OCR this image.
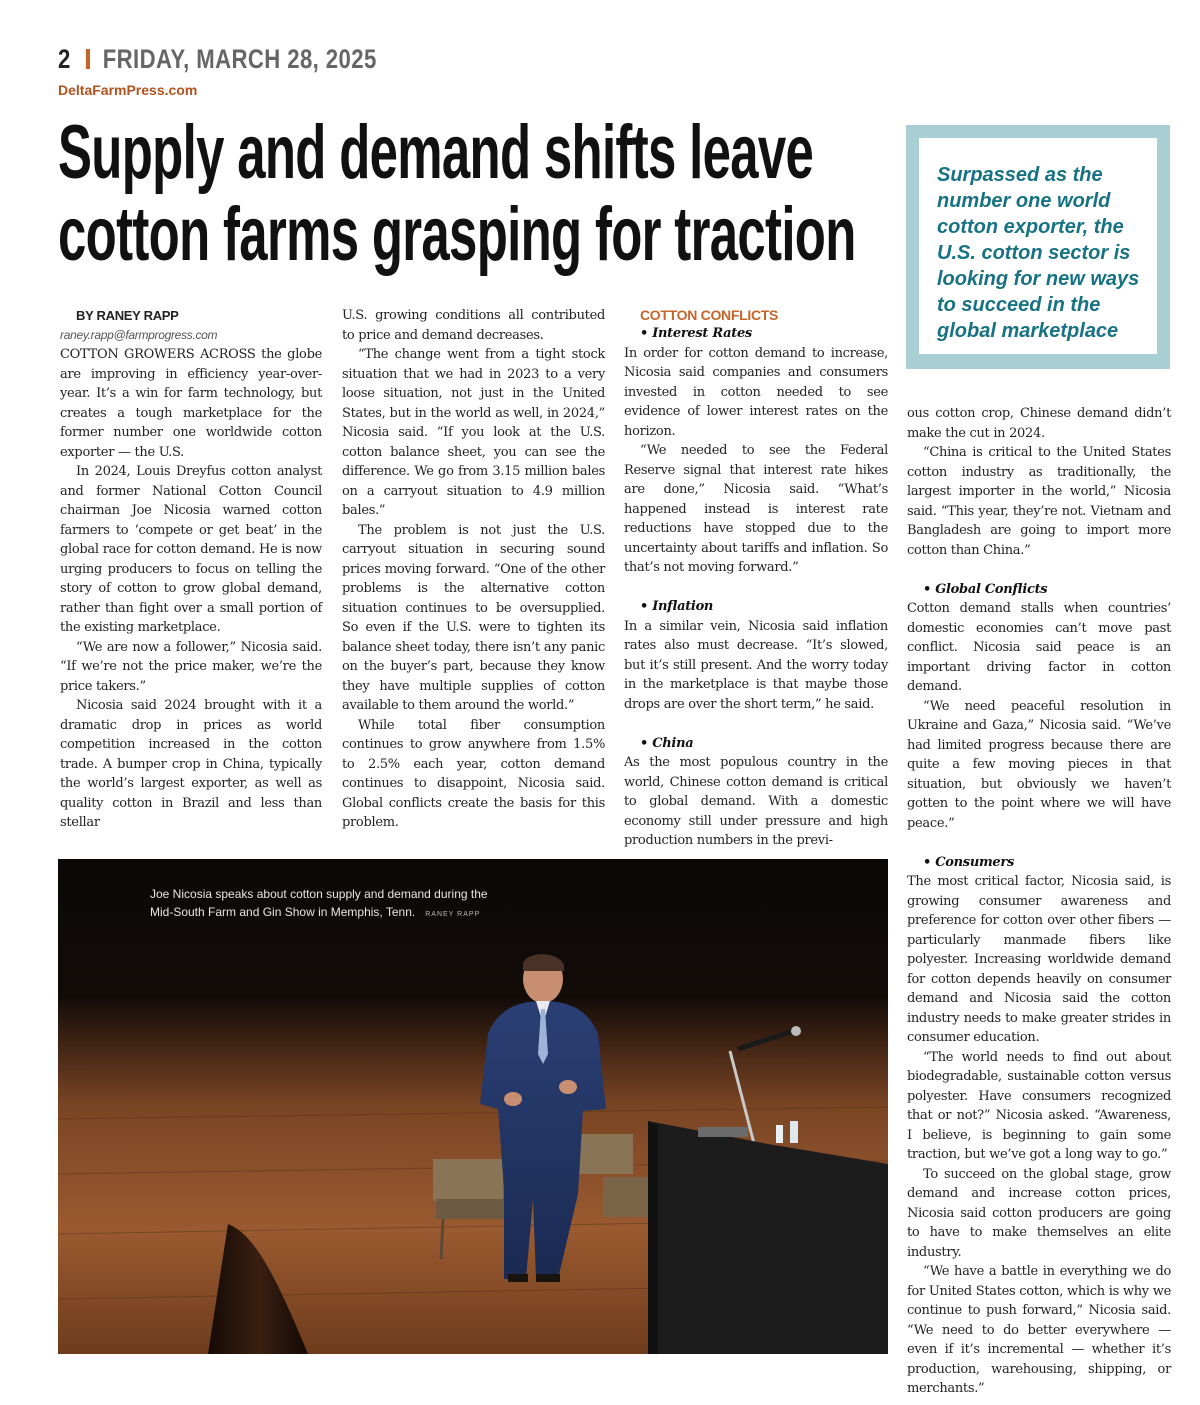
2 FRIDAY, MARCH 28, 2025
DeltaFarmPress.com
Supply and demand shifts leave
cotton farms grasping for traction
Surpassed as the number one world cotton exporter, the U.S. cotton sector is looking for new ways to succeed in the global marketplace

BY RANEY RAPP

raney.rapp@farmprogress.com

COTTON GROWERS ACROSS the globe are improving in efficiency year-over-year. It’s a win for farm technology, but creates a tough marketplace for the former number one worldwide cotton exporter — the U.S.

In 2024, Louis Dreyfus cotton analyst and former National Cotton Council chairman Joe Nicosia warned cotton farmers to ‘compete or get beat’ in the global race for cotton demand. He is now urging producers to focus on telling the story of cotton to grow global demand, rather than fight over a small portion of the existing marketplace.

“We are now a follower,” Nicosia said. “If we’re not the price maker, we’re the price takers.”

Nicosia said 2024 brought with it a dramatic drop in prices as world competition increased in the cotton trade. A bumper crop in China, typically the world’s largest exporter, as well as quality cotton in Brazil and less than stellar

U.S. growing conditions all contributed to price and demand decreases.

“The change went from a tight stock situation that we had in 2023 to a very loose situation, not just in the United States, but in the world as well, in 2024,” Nicosia said. “If you look at the U.S. cotton balance sheet, you can see the difference. We go from 3.15 million bales on a carryout situation to 4.9 million bales.”

The problem is not just the U.S. carryout situation in securing sound prices moving forward. “One of the other problems is the alternative cotton situation continues to be oversupplied. So even if the U.S. were to tighten its balance sheet today, there isn’t any panic on the buyer’s part, because they know they have multiple supplies of cotton available to them around the world.”

While total fiber consumption continues to grow anywhere from 1.5% to 2.5% each year, cotton demand continues to disappoint, Nicosia said. Global conflicts create the basis for this problem.

COTTON CONFLICTS

• Interest Rates

In order for cotton demand to increase, Nicosia said companies and consumers invested in cotton needed to see evidence of lower interest rates on the horizon.

“We needed to see the Federal Reserve signal that interest rate hikes are done,” Nicosia said. “What’s happened instead is interest rate reductions have stopped due to the uncertainty about tariffs and inflation. So that’s not moving forward.”

• Inflation

In a similar vein, Nicosia said inflation rates also must decrease. “It’s slowed, but it’s still present. And the worry today in the marketplace is that maybe those drops are over the short term,” he said.

• China

As the most populous country in the world, Chinese cotton demand is critical to global demand. With a domestic economy still under pressure and high production numbers in the previ-

ous cotton crop, Chinese demand didn’t make the cut in 2024.

“China is critical to the United States cotton industry as traditionally, the largest importer in the world,” Nicosia said. “This year, they’re not. Vietnam and Bangladesh are going to import more cotton than China.”

• Global Conflicts

Cotton demand stalls when countries’ domestic economies can’t move past conflict. Nicosia said peace is an important driving factor in cotton demand.

“We need peaceful resolution in Ukraine and Gaza,” Nicosia said. “We’ve had limited progress because there are quite a few moving pieces in that situation, but obviously we haven’t gotten to the point where we will have peace.”

• Consumers

The most critical factor, Nicosia said, is growing consumer awareness and preference for cotton over other fibers — particularly manmade fibers like polyester. Increasing worldwide demand for cotton depends heavily on consumer demand and Nicosia said the cotton industry needs to make greater strides in consumer education.

“The world needs to find out about biodegradable, sustainable cotton versus polyester. Have consumers recognized that or not?” Nicosia asked. “Awareness, I believe, is beginning to gain some traction, but we’ve got a long way to go.”

To succeed on the global stage, grow demand and increase cotton prices, Nicosia said cotton producers are going to have to make themselves an elite industry.

“We have a battle in everything we do for United States cotton, which is why we continue to push forward,” Nicosia said. “We need to do better everywhere — even if it’s incremental — whether it’s production, warehousing, shipping, or merchants.”

Joe Nicosia speaks about cotton supply and demand during the
Mid-South Farm and Gin Show in Memphis, Tenn. RANEY RAPP
